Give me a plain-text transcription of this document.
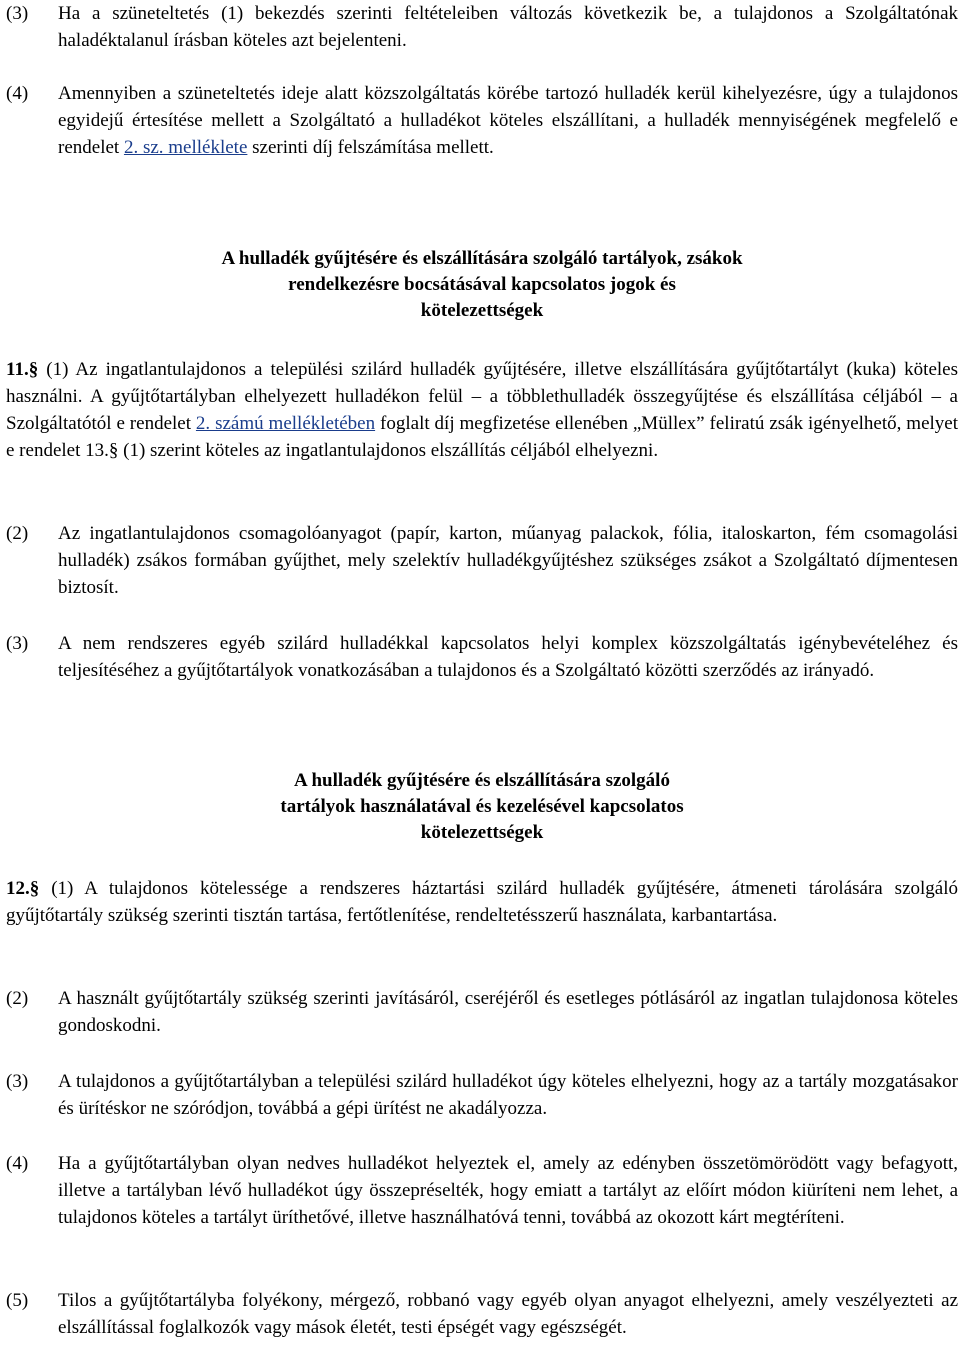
(3)	Ha a szüneteltetés (1) bekezdés szerinti feltételeiben változás következik be, a tulajdonos a Szolgáltatónak haladéktalanul írásban köteles azt bejelenteni.
(4)	Amennyiben a szüneteltetés ideje alatt közszolgáltatás körébe tartozó hulladék kerül kihelyezésre, úgy a tulajdonos egyidejű értesítése mellett a Szolgáltató a hulladékot köteles elszállítani, a hulladék mennyiségének megfelelő e rendelet 2. sz. melléklete szerinti díj felszámítása mellett.
A hulladék gyűjtésére és elszállítására szolgáló tartályok, zsákok
rendelkezésre bocsátásával kapcsolatos jogok és
kötelezettségek
11.§ (1) Az ingatlantulajdonos a települési szilárd hulladék gyűjtésére, illetve elszállítására gyűjtőtartályt (kuka) köteles használni. A gyűjtőtartályban elhelyezett hulladékon felül – a többlethulladék összegyűjtése és elszállítása céljából – a Szolgáltatótól e rendelet 2. számú mellékletében foglalt díj megfizetése ellenében „Müllex” feliratú zsák igényelhető, melyet e rendelet 13.§ (1) szerint köteles az ingatlantulajdonos elszállítás céljából elhelyezni.
(2)	Az ingatlantulajdonos csomagolóanyagot (papír, karton, műanyag palackok, fólia, italoskarton, fém csomagolási hulladék) zsákos formában gyűjthet, mely szelektív hulladékgyűjtéshez szükséges zsákot a Szolgáltató díjmentesen biztosít.
(3)	A nem rendszeres egyéb szilárd hulladékkal kapcsolatos helyi komplex közszolgáltatás igénybevételéhez és teljesítéséhez a gyűjtőtartályok vonatkozásában a tulajdonos és a Szolgáltató közötti szerződés az irányadó.
A hulladék gyűjtésére és elszállítására szolgáló
tartályok használatával és kezelésével kapcsolatos
kötelezettségek
12.§ (1) A tulajdonos kötelessége a rendszeres háztartási szilárd hulladék gyűjtésére, átmeneti tárolására szolgáló gyűjtőtartály szükség szerinti tisztán tartása, fertőtlenítése, rendeltetésszerű használata, karbantartása.
(2)	A használt gyűjtőtartály szükség szerinti javításáról, cseréjéről és esetleges pótlásáról az ingatlan tulajdonosa köteles gondoskodni.
(3)	A tulajdonos a gyűjtőtartályban a települési szilárd hulladékot úgy köteles elhelyezni, hogy az a tartály mozgatásakor és ürítéskor ne szóródjon, továbbá a gépi ürítést ne akadályozza.
(4)	Ha a gyűjtőtartályban olyan nedves hulladékot helyeztek el, amely az edényben összetömörödött vagy befagyott, illetve a tartályban lévő hulladékot úgy összepréselték, hogy emiatt a tartályt az előírt módon kiüríteni nem lehet, a tulajdonos köteles a tartályt üríthetővé, illetve használhatóvá tenni, továbbá az okozott kárt megtéríteni.
(5)	Tilos a gyűjtőtartályba folyékony, mérgező, robbanó vagy egyéb olyan anyagot elhelyezni, amely veszélyezteti az elszállítással foglalkozók vagy mások életét, testi épségét vagy egészségét.
